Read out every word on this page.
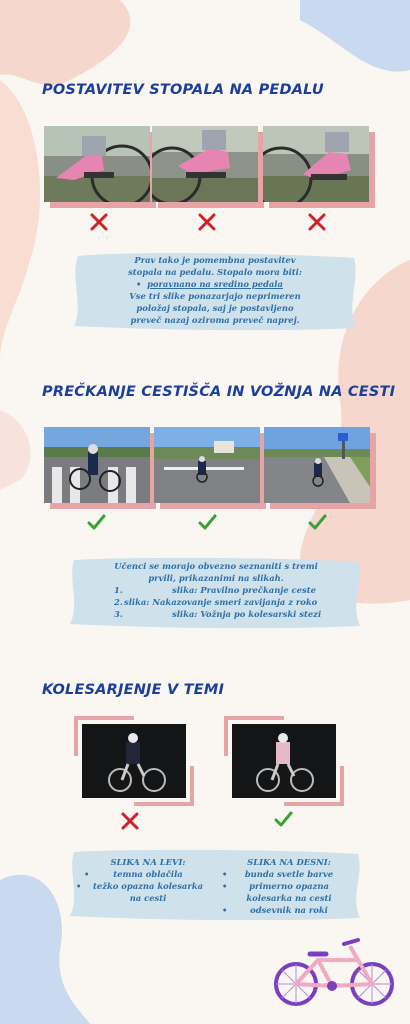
POSTAVITEV STOPALA NA PEDALU
Prav tako je pomembna postavitev
stopala na pedalu. Stopalo mora biti:
• poravnano na sredino pedala
Vse tri slike ponazarjajo neprimeren
položaj stopala, saj je postavljeno
preveč nazaj oziroma preveč naprej.
PREČKANJE CESTIŠČA IN VOŽNJA NA CESTI
Učenci se morajo obvezno seznaniti s tremi
prvili, prikazanimi na slikah.
1.	slika: Pravilno prečkanje ceste
2. slika: Nakazovanje smeri zavijanja z roko
3.	slika: Vožnja po kolesarski stezi
KOLESARJENJE V TEMI
SLIKA NA LEVI:
•	temna oblačila
• težko opazna kolesarka
na cesti
SLIKA NA DESNI:
• bunda svetle barve
•	primerno opazna
kolesarka na cesti
•	odsevnik na roki
